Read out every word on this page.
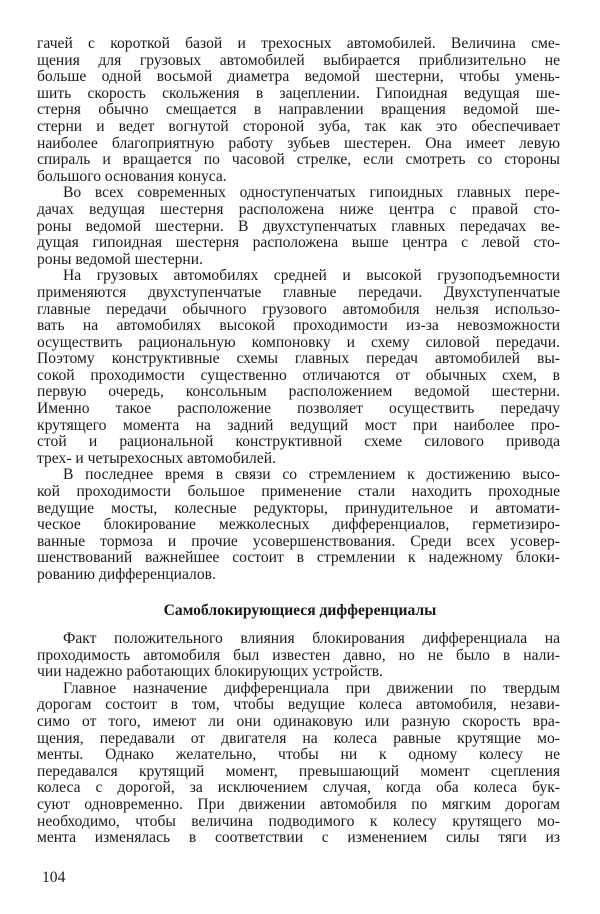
гачей с короткой базой и трехосных автомобилей. Величина сме-
щения для грузовых автомобилей выбирается приблизительно не
больше одной восьмой диаметра ведомой шестерни, чтобы умень-
шить скорость скольжения в зацеплении. Гипоидная ведущая ше-
стерня обычно смещается в направлении вращения ведомой ше-
стерни и ведет вогнутой стороной зуба, так как это обеспечивает
наиболее благоприятную работу зубьев шестерен. Она имеет левую
спираль и вращается по часовой стрелке, если смотреть со стороны
большого основания конуса.
Во всех современных одноступенчатых гипоидных главных пере-
дачах ведущая шестерня расположена ниже центра с правой сто-
роны ведомой шестерни. В двухступенчатых главных передачах ве-
дущая гипоидная шестерня расположена выше центра с левой сто-
роны ведомой шестерни.
На грузовых автомобилях средней и высокой грузоподъемности
применяются двухступенчатые главные передачи. Двухступенчатые
главные передачи обычного грузового автомобиля нельзя использо-
вать на автомобилях высокой проходимости из-за невозможности
осуществить рациональную компоновку и схему силовой передачи.
Поэтому конструктивные схемы главных передач автомобилей вы-
сокой проходимости существенно отличаются от обычных схем, в
первую очередь, консольным расположением ведомой шестерни.
Именно такое расположение позволяет осуществить передачу
крутящего момента на задний ведущий мост при наиболее про-
стой и рациональной конструктивной схеме силового привода
трех- и четырехосных автомобилей.
В последнее время в связи со стремлением к достижению высо-
кой проходимости большое применение стали находить проходные
ведущие мосты, колесные редукторы, принудительное и автомати-
ческое блокирование межколесных дифференциалов, герметизиро-
ванные тормоза и прочие усовершенствования. Среди всех усовер-
шенствований важнейшее состоит в стремлении к надежному блоки-
рованию дифференциалов.
Самоблокирующиеся дифференциалы
Факт положительного влияния блокирования дифференциала на
проходимость автомобиля был известен давно, но не было в нали-
чии надежно работающих блокирующих устройств.
Главное назначение дифференциала при движении по твердым
дорогам состоит в том, чтобы ведущие колеса автомобиля, незави-
симо от того, имеют ли они одинаковую или разную скорость вра-
щения, передавали от двигателя на колеса равные крутящие мо-
менты. Однако желательно, чтобы ни к одному колесу не
передавался крутящий момент, превышающий момент сцепления
колеса с дорогой, за исключением случая, когда оба колеса бук-
суют одновременно. При движении автомобиля по мягким дорогам
необходимо, чтобы величина подводимого к колесу крутящего мо-
мента изменялась в соответствии с изменением силы тяги из
104
